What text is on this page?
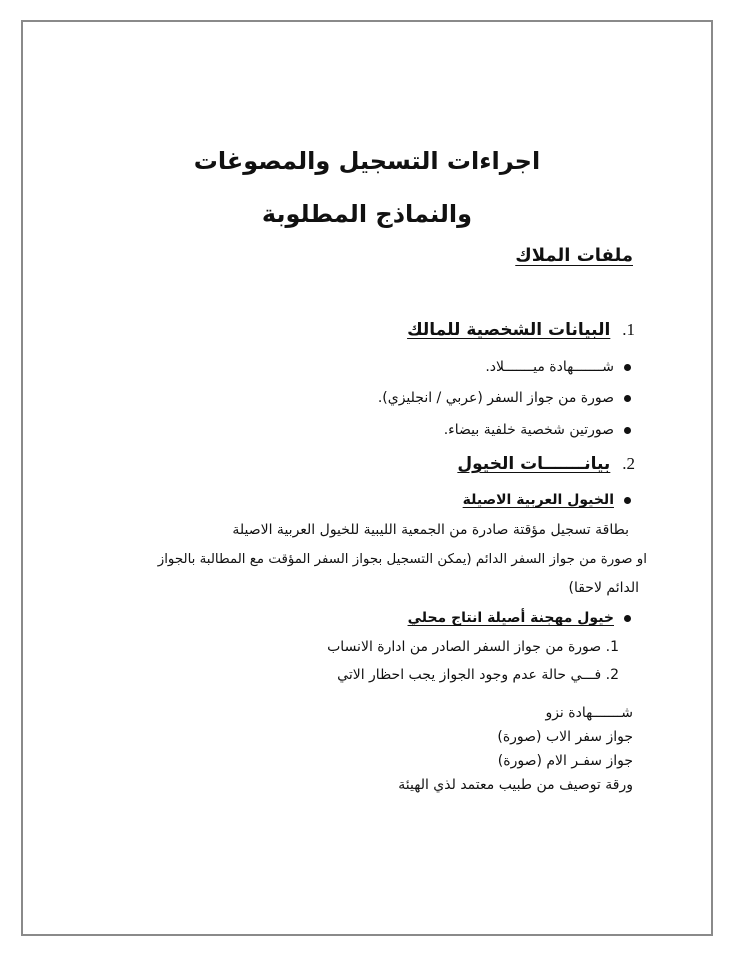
اجراءات التسجيل والمصوغات
والنماذج المطلوبة
ملفات الملاك
1. البيانات الشخصية للمالك
شـــــــهادة ميـــــــلاد.
صورة من جواز السفر (عربي / انجليزي).
صورتين شخصية خلفية بيضاء.
2. بيانـــــــات الخيول
الخيول العربية الاصيلة
بطاقة تسجيل مؤقتة صادرة من الجمعية الليبية للخيول العربية الاصيلة
او صورة من جواز السفر الدائم (يمكن التسجيل بجواز السفر المؤقت مع المطالبة بالجواز
الدائم لاحقا)
خيول مهجنة أصيلة انتاج محلي
1. صورة من جواز السفر الصادر من ادارة الانساب
2. فـــي حالة عدم وجود الجواز يجب احظار الاتي
شـــــــهادة نزو
جواز سفر الاب (صورة)
جواز سفـر الام (صورة)
ورقة توصيف من طبيب معتمد لذي الهيئة
